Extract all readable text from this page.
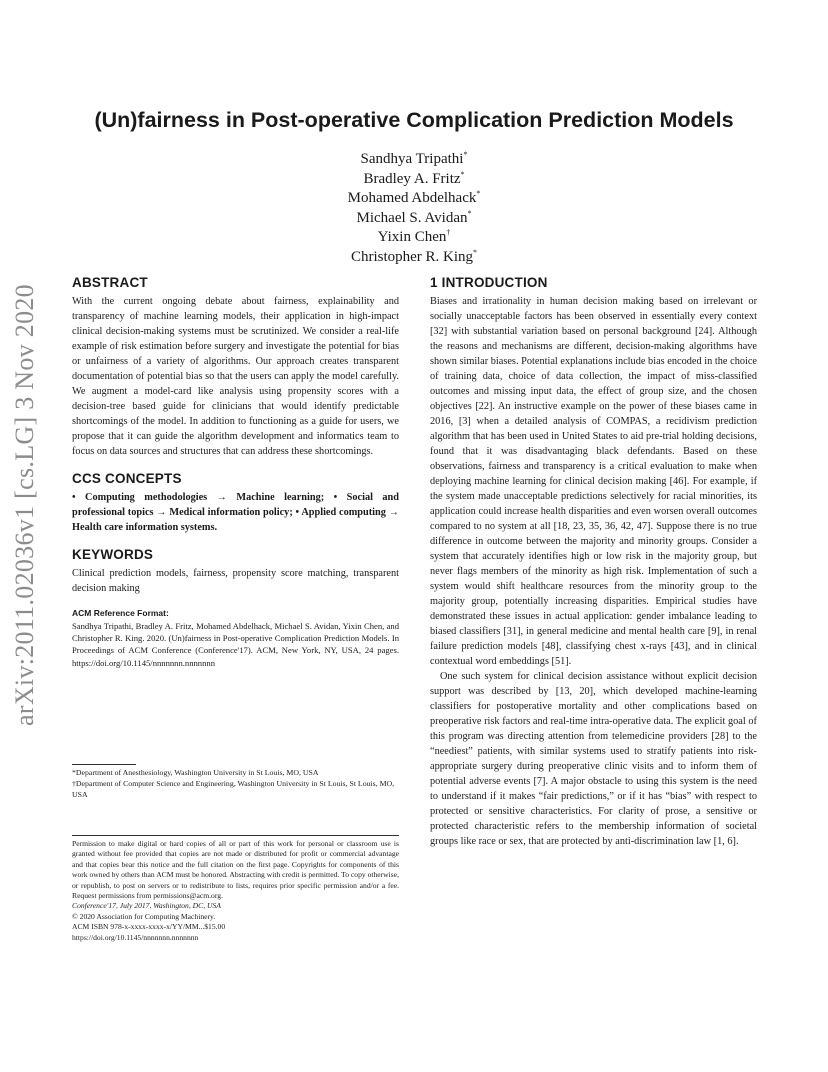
arXiv:2011.02036v1 [cs.LG] 3 Nov 2020
(Un)fairness in Post-operative Complication Prediction Models
Sandhya Tripathi*
Bradley A. Fritz*
Mohamed Abdelhack*
Michael S. Avidan*
Yixin Chen†
Christopher R. King*
ABSTRACT

With the current ongoing debate about fairness, explainability and transparency of machine learning models, their application in high-impact clinical decision-making systems must be scrutinized. We consider a real-life example of risk estimation before surgery and investigate the potential for bias or unfairness of a variety of algorithms. Our approach creates transparent documentation of potential bias so that the users can apply the model carefully. We augment a model-card like analysis using propensity scores with a decision-tree based guide for clinicians that would identify predictable shortcomings of the model. In addition to functioning as a guide for users, we propose that it can guide the algorithm development and informatics team to focus on data sources and structures that can address these shortcomings.

CCS CONCEPTS

• Computing methodologies → Machine learning; • Social and professional topics → Medical information policy; • Applied computing → Health care information systems.

KEYWORDS

Clinical prediction models, fairness, propensity score matching, transparent decision making

ACM Reference Format:

Sandhya Tripathi, Bradley A. Fritz, Mohamed Abdelhack, Michael S. Avidan, Yixin Chen, and Christopher R. King. 2020. (Un)fairness in Post-operative Complication Prediction Models. In Proceedings of ACM Conference (Conference'17). ACM, New York, NY, USA, 24 pages. https://doi.org/10.1145/nnnnnnn.nnnnnnn

*Department of Anesthesiology, Washington University in St Louis, MO, USA

†Department of Computer Science and Engineering, Washington University in St Louis, St Louis, MO, USA

Permission to make digital or hard copies of all or part of this work for personal or classroom use is granted without fee provided that copies are not made or distributed for profit or commercial advantage and that copies bear this notice and the full citation on the first page. Copyrights for components of this work owned by others than ACM must be honored. Abstracting with credit is permitted. To copy otherwise, or republish, to post on servers or to redistribute to lists, requires prior specific permission and/or a fee. Request permissions from permissions@acm.org.

Conference'17, July 2017, Washington, DC, USA

© 2020 Association for Computing Machinery.

ACM ISBN 978-x-xxxx-xxxx-x/YY/MM...$15.00

https://doi.org/10.1145/nnnnnnn.nnnnnnn

1 INTRODUCTION

Biases and irrationality in human decision making based on irrelevant or socially unacceptable factors has been observed in essentially every context [32] with substantial variation based on personal background [24]. Although the reasons and mechanisms are different, decision-making algorithms have shown similar biases. Potential explanations include bias encoded in the choice of training data, choice of data collection, the impact of miss-classified outcomes and missing input data, the effect of group size, and the chosen objectives [22]. An instructive example on the power of these biases came in 2016, [3] when a detailed analysis of COMPAS, a recidivism prediction algorithm that has been used in United States to aid pre-trial holding decisions, found that it was disadvantaging black defendants. Based on these observations, fairness and transparency is a critical evaluation to make when deploying machine learning for clinical decision making [46]. For example, if the system made unacceptable predictions selectively for racial minorities, its application could increase health disparities and even worsen overall outcomes compared to no system at all [18, 23, 35, 36, 42, 47]. Suppose there is no true difference in outcome between the majority and minority groups. Consider a system that accurately identifies high or low risk in the majority group, but never flags members of the minority as high risk. Implementation of such a system would shift healthcare resources from the minority group to the majority group, potentially increasing disparities. Empirical studies have demonstrated these issues in actual application: gender imbalance leading to biased classifiers [31], in general medicine and mental health care [9], in renal failure prediction models [48], classifying chest x-rays [43], and in clinical contextual word embeddings [51].

One such system for clinical decision assistance without explicit decision support was described by [13, 20], which developed machine-learning classifiers for postoperative mortality and other complications based on preoperative risk factors and real-time intra-operative data. The explicit goal of this program was directing attention from telemedicine providers [28] to the “neediest” patients, with similar systems used to stratify patients into risk-appropriate surgery during preoperative clinic visits and to inform them of potential adverse events [7]. A major obstacle to using this system is the need to understand if it makes “fair predictions,” or if it has “bias” with respect to protected or sensitive characteristics. For clarity of prose, a sensitive or protected characteristic refers to the membership information of societal groups like race or sex, that are protected by anti-discrimination law [1, 6].
